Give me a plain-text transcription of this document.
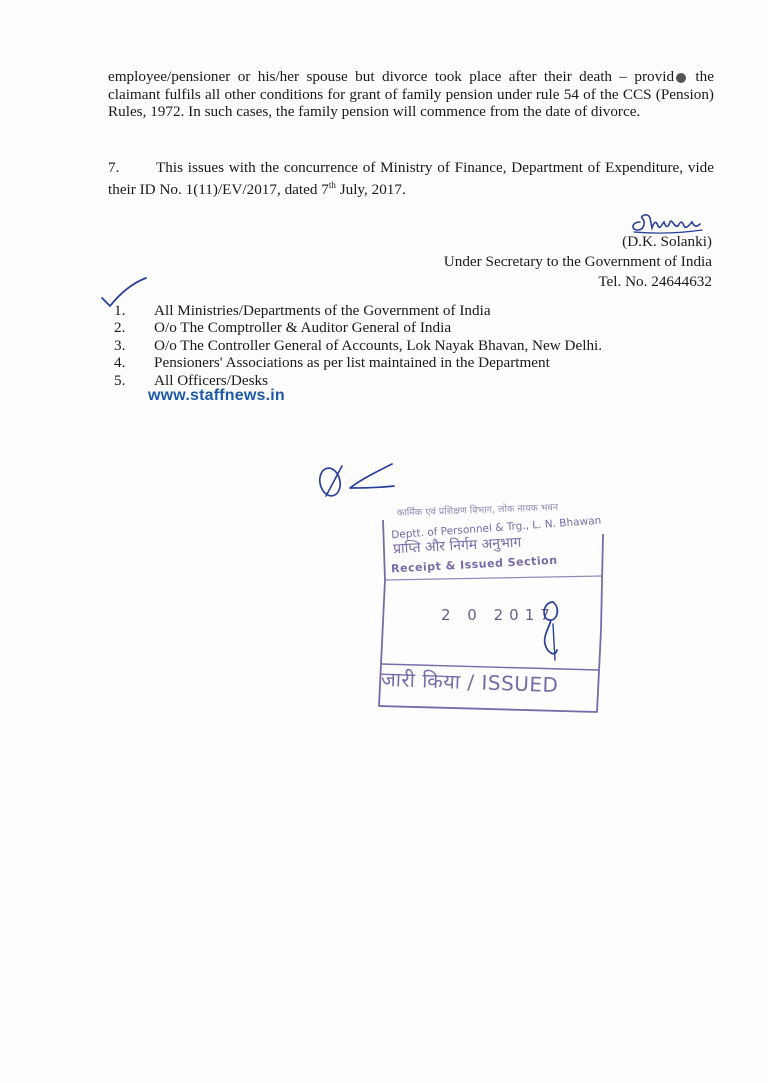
employee/pensioner or his/her spouse but divorce took place after their death – provid the claimant fulfils all other conditions for grant of family pension under rule 54 of the CCS (Pension) Rules, 1972. In such cases, the family pension will commence from the date of divorce.
7. This issues with the concurrence of Ministry of Finance, Department of Expenditure, vide their ID No. 1(11)/EV/2017, dated 7th July, 2017.
(D.K. Solanki)
Under Secretary to the Government of India
Tel. No. 24644632
1. All Ministries/Departments of the Government of India
2. O/o The Comptroller & Auditor General of India
3. O/o The Controller General of Accounts, Lok Nayak Bhavan, New Delhi.
4. Pensioners' Associations as per list maintained in the Department
5. All Officers/Desks
www.staffnews.in
कार्मिक एवं प्रशिक्षण विभाग, लोक नायक भवन
Deptt. of Personnel & Trg., L. N. Bhawan
प्राप्ति और निर्गम अनुभाग
Receipt & Issued Section
2 0 2017
जारी किया / ISSUED
